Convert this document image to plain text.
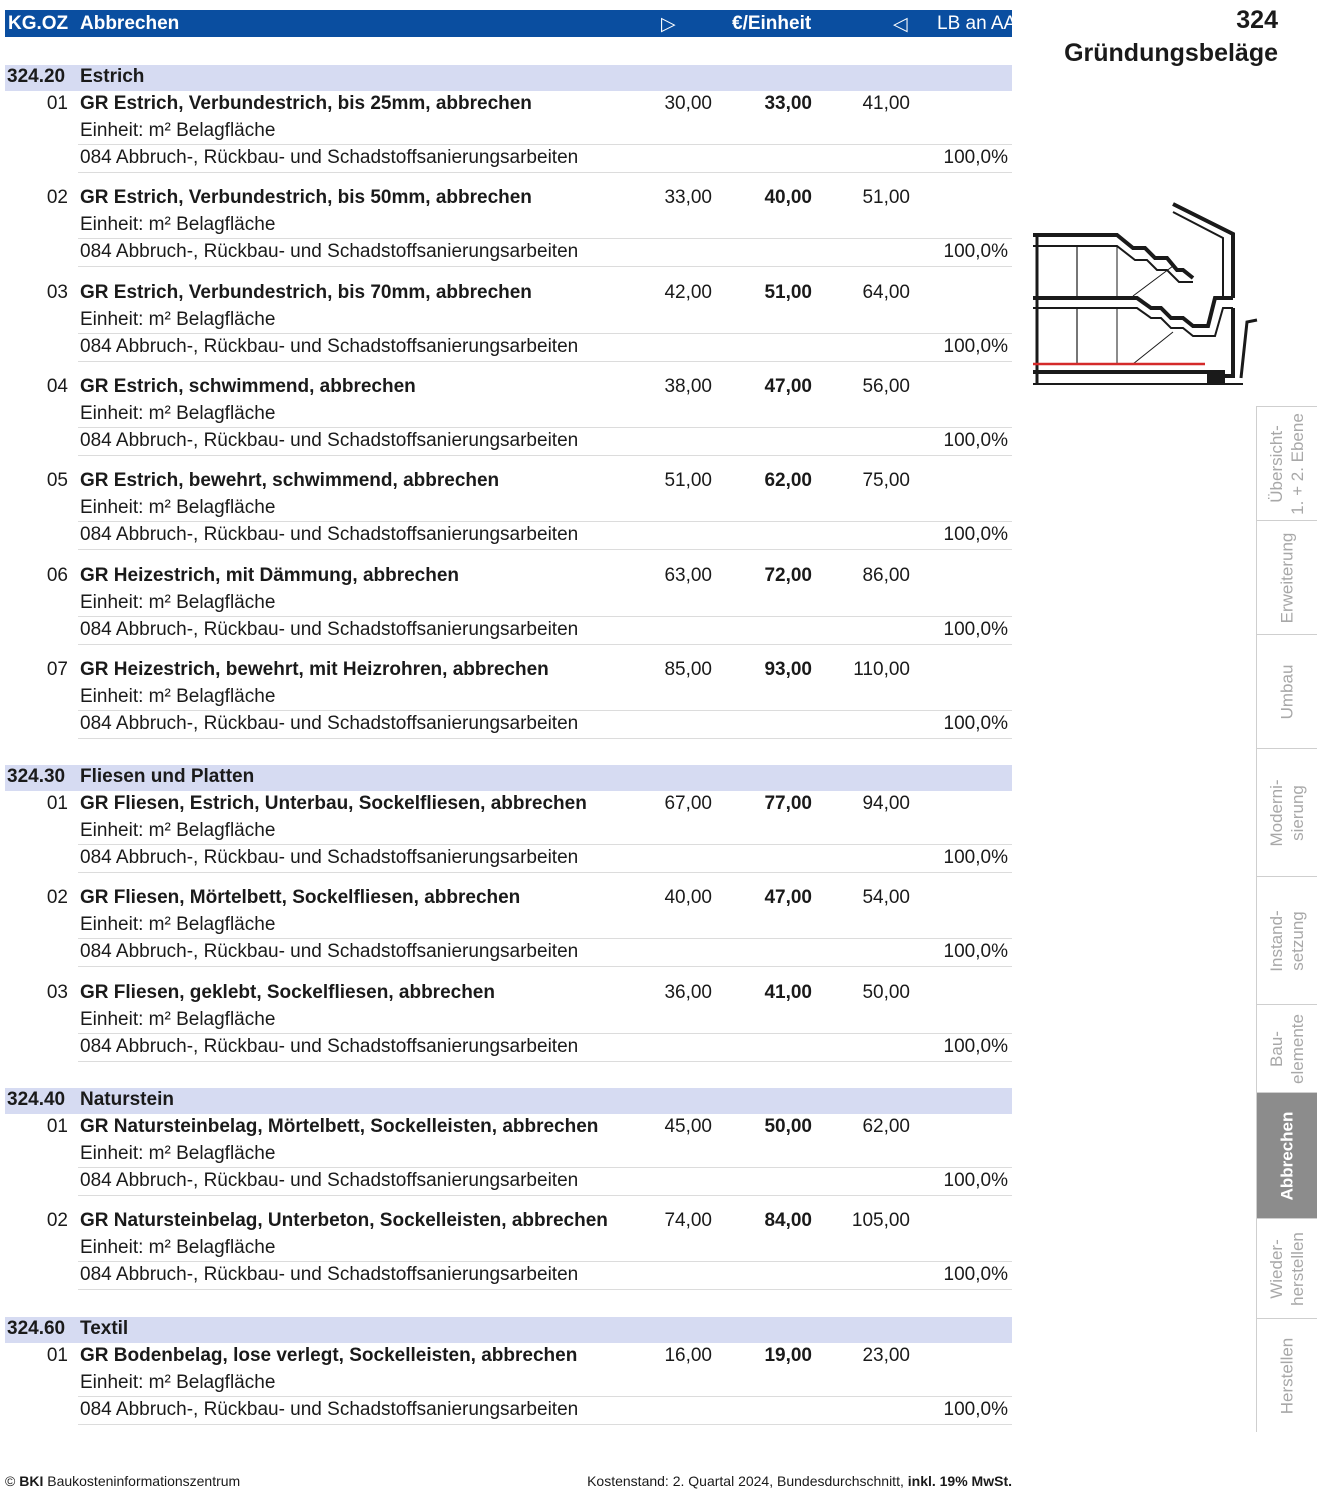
KG.OZ Abbrechen	▷	€/Einheit	◁ LB an AA	324
Gründungsbeläge
324.20 Estrich
01 GR Estrich, Verbundestrich, bis 25mm, abbrechen	30,00	33,00	41,00
Einheit: m² Belagfläche
084 Abbruch-, Rückbau- und Schadstoffsanierungsarbeiten	100,0%
02 GR Estrich, Verbundestrich, bis 50mm, abbrechen	33,00	40,00	51,00
Einheit: m² Belagfläche
084 Abbruch-, Rückbau- und Schadstoffsanierungsarbeiten	100,0%
03 GR Estrich, Verbundestrich, bis 70mm, abbrechen	42,00	51,00	64,00
Einheit: m² Belagfläche
084 Abbruch-, Rückbau- und Schadstoffsanierungsarbeiten	100,0%
04 GR Estrich, schwimmend, abbrechen	38,00	47,00	56,00
Einheit: m² Belagfläche
084 Abbruch-, Rückbau- und Schadstoffsanierungsarbeiten	100,0%
05 GR Estrich, bewehrt, schwimmend, abbrechen	51,00	62,00	75,00
Einheit: m² Belagfläche
084 Abbruch-, Rückbau- und Schadstoffsanierungsarbeiten	100,0%
06 GR Heizestrich, mit Dämmung, abbrechen	63,00	72,00	86,00
Einheit: m² Belagfläche
084 Abbruch-, Rückbau- und Schadstoffsanierungsarbeiten	100,0%
07 GR Heizestrich, bewehrt, mit Heizrohren, abbrechen	85,00	93,00	110,00
Einheit: m² Belagfläche
084 Abbruch-, Rückbau- und Schadstoffsanierungsarbeiten	100,0%
324.30 Fliesen und Platten
01 GR Fliesen, Estrich, Unterbau, Sockelfliesen, abbrechen	67,00	77,00	94,00
Einheit: m² Belagfläche
084 Abbruch-, Rückbau- und Schadstoffsanierungsarbeiten	100,0%
02 GR Fliesen, Mörtelbett, Sockelfliesen, abbrechen	40,00	47,00	54,00
Einheit: m² Belagfläche
084 Abbruch-, Rückbau- und Schadstoffsanierungsarbeiten	100,0%
03 GR Fliesen, geklebt, Sockelfliesen, abbrechen	36,00	41,00	50,00
Einheit: m² Belagfläche
084 Abbruch-, Rückbau- und Schadstoffsanierungsarbeiten	100,0%
324.40 Naturstein
01 GR Natursteinbelag, Mörtelbett, Sockelleisten, abbrechen	45,00	50,00	62,00
Einheit: m² Belagfläche
084 Abbruch-, Rückbau- und Schadstoffsanierungsarbeiten	100,0%
02 GR Natursteinbelag, Unterbeton, Sockelleisten, abbrechen	74,00	84,00	105,00
Einheit: m² Belagfläche
084 Abbruch-, Rückbau- und Schadstoffsanierungsarbeiten	100,0%
324.60 Textil
01 GR Bodenbelag, lose verlegt, Sockelleisten, abbrechen	16,00	19,00	23,00
Einheit: m² Belagfläche
084 Abbruch-, Rückbau- und Schadstoffsanierungsarbeiten	100,0%
Übersicht- 1. + 2. Ebene
Erweiterung
Umbau
Moderni- sierung
Instand- setzung
Bau- elemente
Abbrechen
Wieder- herstellen
Herstellen
© BKI Baukosteninformationszentrum	Kostenstand: 2. Quartal 2024, Bundesdurchschnitt, inkl. 19% MwSt.
